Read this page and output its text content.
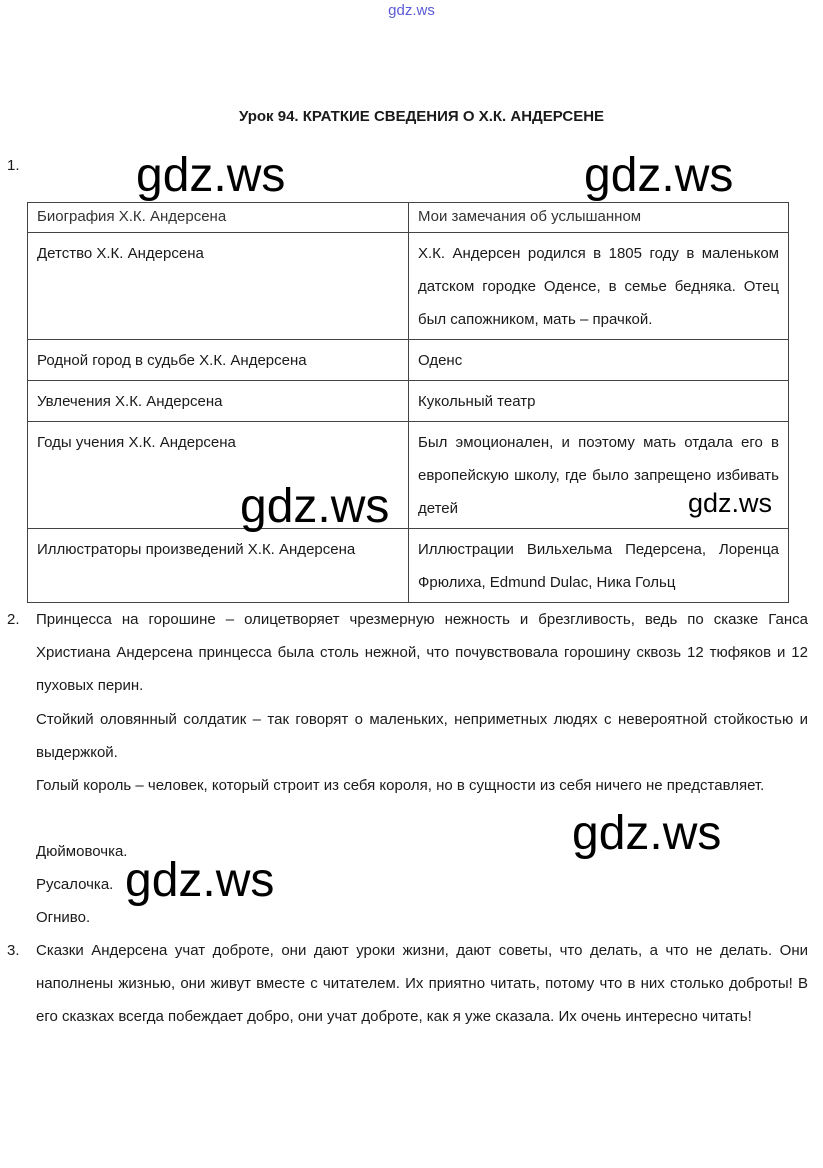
gdz.ws
Урок 94. КРАТКИЕ СВЕДЕНИЯ О Х.К. АНДЕРСЕНЕ
1.
Биография Х.К. Андерсена	Мои замечания об услышанном
Детство Х.К. Андерсена	Х.К. Андерсен родился в 1805 году в маленьком датском городке Оденсе, в семье бедняка. Отец был сапожником, мать – прачкой.
Родной город в судьбе Х.К. Андерсена	Оденс
Увлечения Х.К. Андерсена	Кукольный театр
Годы учения Х.К. Андерсена	Был эмоционален, и поэтому мать отдала его в европейскую школу, где было запрещено избивать детей
Иллюстраторы произведений Х.К. Андерсена	Иллюстрации Вильхельма Педерсена, Лоренца Фрюлиха, Edmund Dulac, Ника Гольц
2. Принцесса на горошине – олицетворяет чрезмерную нежность и брезгливость, ведь по сказке Ганса Христиана Андерсена принцесса была столь нежной, что почувствовала горошину сквозь 12 тюфяков и 12 пуховых перин.

Стойкий оловянный солдатик – так говорят о маленьких, неприметных людях с невероятной стойкостью и выдержкой.

Голый король – человек, который строит из себя короля, но в сущности из себя ничего не представляет.

Дюймовочка.

Русалочка.

Огниво.

3. Сказки Андерсена учат доброте, они дают уроки жизни, дают советы, что делать, а что не делать. Они наполнены жизнью, они живут вместе с читателем. Их приятно читать, потому что в них столько доброты! В его сказках всегда побеждает добро, они учат доброте, как я уже сказала. Их очень интересно читать!

gdz.ws	gdz.ws
gdz.ws	gdz.ws
gdz.ws
gdz.ws
